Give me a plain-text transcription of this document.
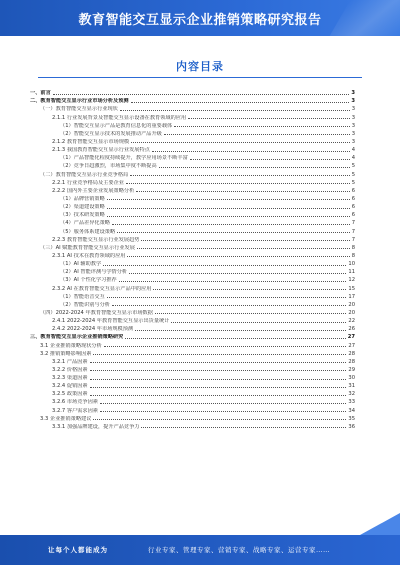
教育智能交互显示企业推销策略研究报告
内容目录
一、前言	3
二、教育智能交互显示行业市场分析及预测	3
（一）教育智能交互显示行业现状	3
2.1.1 行业发展背景及智能交互显示设备在教育领域的应用	3
（1）智能交互显示产品是教育信息化的重要载体	3
（2）智能交互显示技术的发展推动产品升级	3
2.1.2 教育智能交互显示市场规模	3
2.1.3 我国教育智能交互显示行业发展特点	4
（1）产品智能化程度持续提升，教学应用场景不断丰富	4
（2）竞争日趋激烈，市场集中度不断提高	5
（二）教育智能交互显示行业竞争格局	5
2.2.1 行业竞争格局及主要企业	5
2.2.2 国内外主要企业发展策略分析	6
（1）品牌营销策略	6
（2）渠道建设策略	6
（3）技术研发策略	6
（4）产品差异化策略	7
（5）服务体系建设策略	7
2.2.3 教育智能交互显示行业发展趋势	7
（三）AI 赋能教育智能交互显示行业发展	8
2.3.1 AI 技术在教育领域的应用	8
（1）AI 辅助教学	10
（2）AI 智能评测与学情分析	11
（3）AI 个性化学习推荐	12
2.3.2 AI 在教育智能交互显示产品中的应用	15
（1）智能语音交互	17
（2）智能识别与分析	20
（四）2022-2024 年教育智能交互显示市场数据	20
2.4.1 2022-2024 年教育智能交互显示出货量统计	22
2.4.2 2022-2024 年市场规模预测	26
三、教育智能交互显示企业推销策略研究	27
3.1 企业推销策略现状分析	27
3.2 推销策略影响因素	28
3.2.1 产品因素	28
3.2.2 价格因素	29
3.2.3 渠道因素	30
3.2.4 促销因素	31
3.2.5 政策因素	32
3.2.6 市场竞争因素	33
3.2.7 客户需求因素	34
3.3 企业推销策略建议	35
3.3.1 加强品牌建设，提升产品竞争力	36
让每个人都能成为	行业专家、管理专家、营销专家、战略专家、运营专家……
